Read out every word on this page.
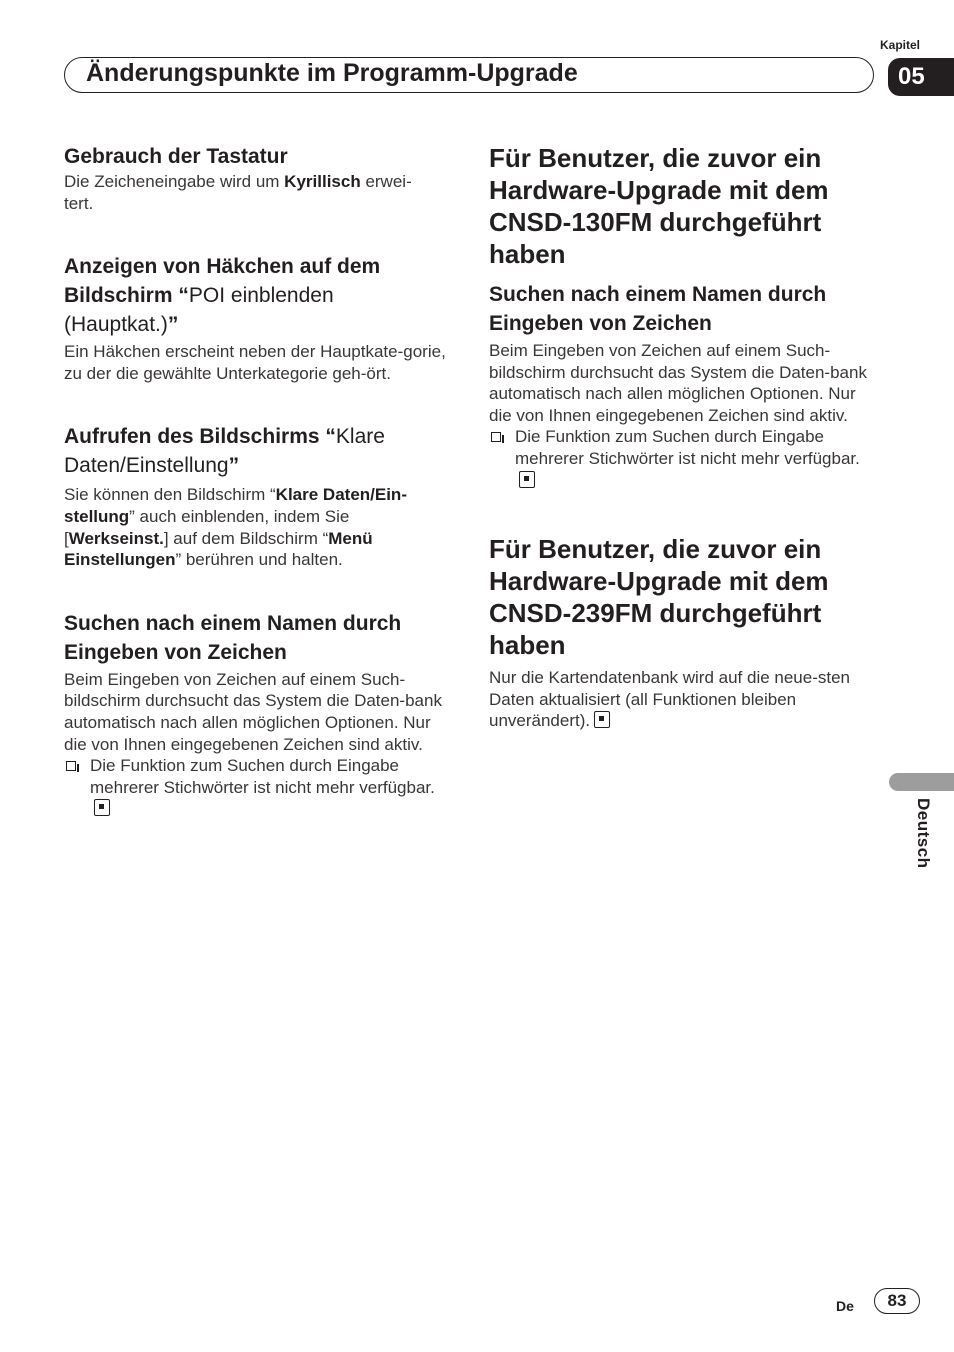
Kapitel
05
Änderungspunkte im Programm-Upgrade
Gebrauch der Tastatur

Die Zeicheneingabe wird um Kyrillisch erwei-
tert.

Anzeigen von Häkchen auf dem Bildschirm “POI einblenden (Hauptkat.)”

Ein Häkchen erscheint neben der Hauptkate-gorie, zu der die gewählte Unterkategorie geh-ört.

Aufrufen des Bildschirms “Klare Daten/Einstellung”

Sie können den Bildschirm “Klare Daten/Ein-stellung” auch einblenden, indem Sie [Werkseinst.] auf dem Bildschirm “Menü Einstellungen” berühren und halten.

Suchen nach einem Namen durch Eingeben von Zeichen

Beim Eingeben von Zeichen auf einem Such-bildschirm durchsucht das System die Daten-bank automatisch nach allen möglichen Optionen. Nur die von Ihnen eingegebenen Zeichen sind aktiv.

Die Funktion zum Suchen durch Eingabe mehrerer Stichwörter ist nicht mehr verfügbar.
Für Benutzer, die zuvor ein Hardware-Upgrade mit dem CNSD-130FM durchgeführt haben
Suchen nach einem Namen durch Eingeben von Zeichen

Beim Eingeben von Zeichen auf einem Such-bildschirm durchsucht das System die Daten-bank automatisch nach allen möglichen Optionen. Nur die von Ihnen eingegebenen Zeichen sind aktiv.

Die Funktion zum Suchen durch Eingabe mehrerer Stichwörter ist nicht mehr verfügbar.
Für Benutzer, die zuvor ein Hardware-Upgrade mit dem CNSD-239FM durchgeführt haben

Nur die Kartendatenbank wird auf die neue-sten Daten aktualisiert (all Funktionen bleiben unverändert).

Deutsch
De	83
